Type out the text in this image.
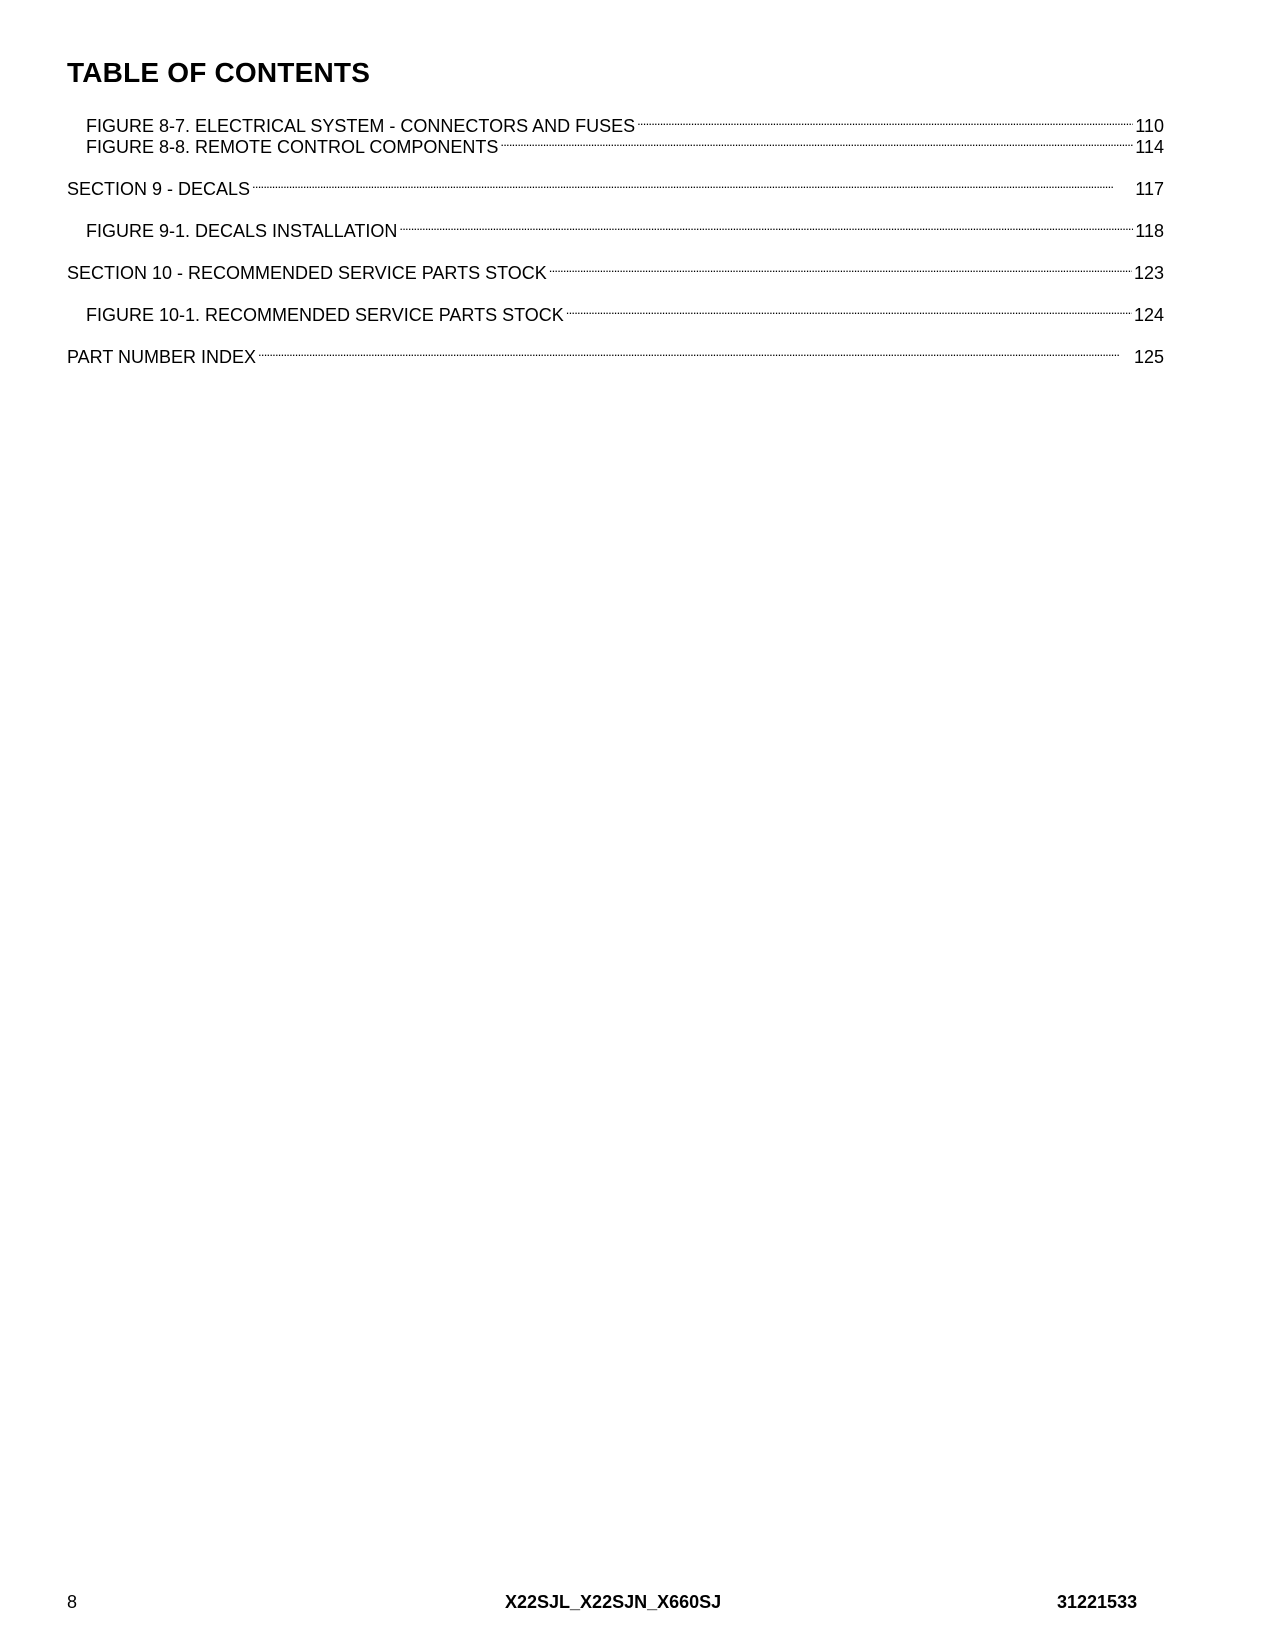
TABLE OF CONTENTS
FIGURE 8-7. ELECTRICAL SYSTEM - CONNECTORS AND FUSES . . .	110
FIGURE 8-8. REMOTE CONTROL COMPONENTS . . .	114
SECTION 9 - DECALS . . .	117
FIGURE 9-1. DECALS INSTALLATION . . .	118
SECTION 10 - RECOMMENDED SERVICE PARTS STOCK . . .	123
FIGURE 10-1. RECOMMENDED SERVICE PARTS STOCK . . .	124
PART NUMBER INDEX . . .	125
8	X22SJL_X22SJN_X660SJ	31221533
